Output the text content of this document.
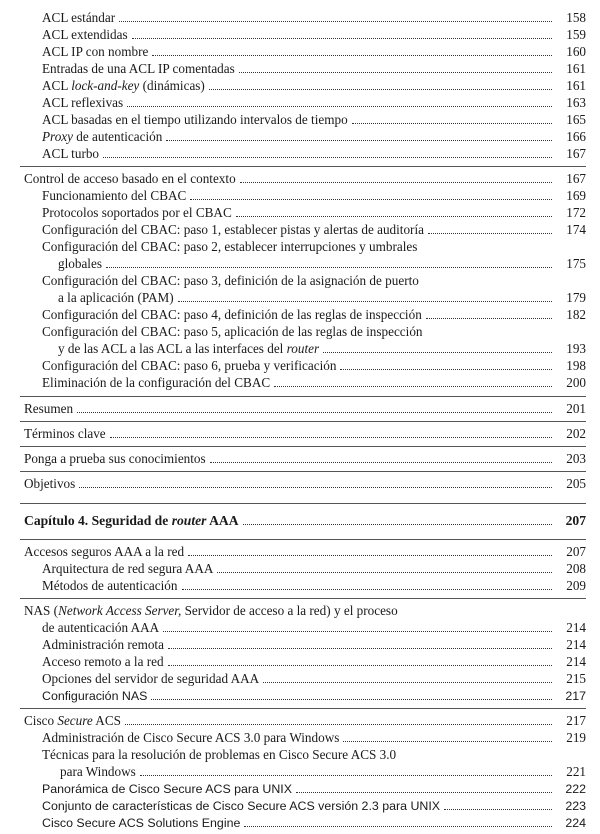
ACL estándar	158
ACL extendidas	159
ACL IP con nombre	160
Entradas de una ACL IP comentadas	161
ACL lock-and-key (dinámicas)	161
ACL reflexivas	163
ACL basadas en el tiempo utilizando intervalos de tiempo	165
Proxy de autenticación	166
ACL turbo	167
Control de acceso basado en el contexto	167
Funcionamiento del CBAC	169
Protocolos soportados por el CBAC	172
Configuración del CBAC: paso 1, establecer pistas y alertas de auditoría	174
Configuración del CBAC: paso 2, establecer interrupciones y umbrales
globales	175
Configuración del CBAC: paso 3, definición de la asignación de puerto
a la aplicación (PAM)	179
Configuración del CBAC: paso 4, definición de las reglas de inspección	182
Configuración del CBAC: paso 5, aplicación de las reglas de inspección
y de las ACL a las ACL a las interfaces del router	193
Configuración del CBAC: paso 6, prueba y verificación	198
Eliminación de la configuración del CBAC	200
Resumen	201
Términos clave	202
Ponga a prueba sus conocimientos	203
Objetivos	205
Capítulo 4. Seguridad de router AAA	207
Accesos seguros AAA a la red	207
Arquitectura de red segura AAA	208
Métodos de autenticación	209
NAS (Network Access Server, Servidor de acceso a la red) y el proceso
de autenticación AAA	214
Administración remota	214
Acceso remoto a la red	214
Opciones del servidor de seguridad AAA	215
Configuración NAS	217
Cisco Secure ACS	217
Administración de Cisco Secure ACS 3.0 para Windows	219
Técnicas para la resolución de problemas en Cisco Secure ACS 3.0
para Windows	221
Panorámica de Cisco Secure ACS para UNIX	222
Conjunto de características de Cisco Secure ACS versión 2.3 para UNIX	223
Cisco Secure ACS Solutions Engine	224
